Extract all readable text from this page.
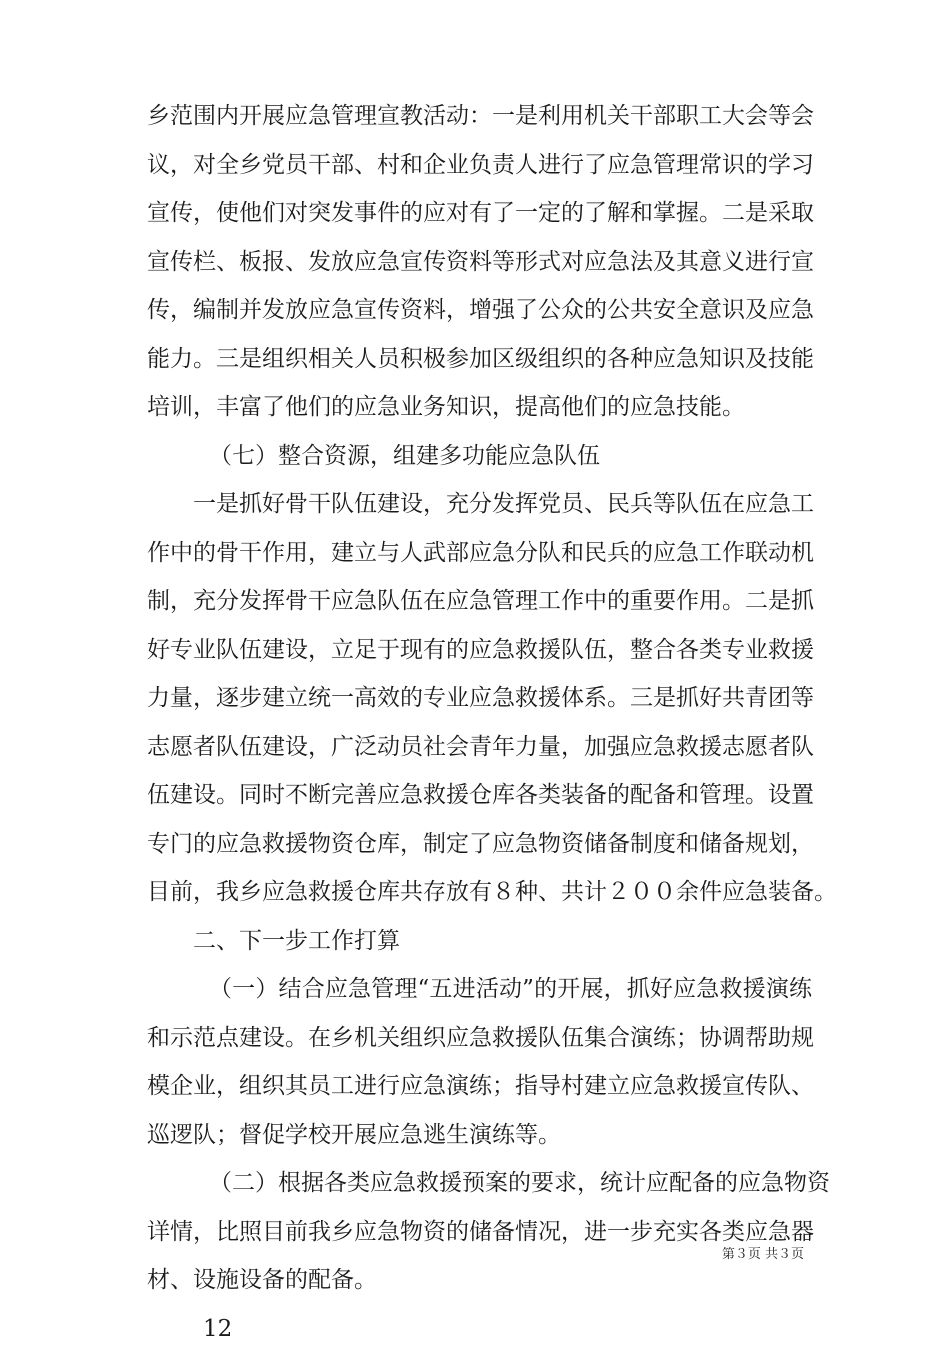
乡范围内开展应急管理宣教活动：一是利用机关干部职工大会等会
议，对全乡党员干部、村和企业负责人进行了应急管理常识的学习
宣传，使他们对突发事件的应对有了一定的了解和掌握。二是采取
宣传栏、板报、发放应急宣传资料等形式对应急法及其意义进行宣
传，编制并发放应急宣传资料，增强了公众的公共安全意识及应急
能力。三是组织相关人员积极参加区级组织的各种应急知识及技能
培训，丰富了他们的应急业务知识，提高他们的应急技能。
（七）整合资源，组建多功能应急队伍
一是抓好骨干队伍建设，充分发挥党员、民兵等队伍在应急工
作中的骨干作用，建立与人武部应急分队和民兵的应急工作联动机
制，充分发挥骨干应急队伍在应急管理工作中的重要作用。二是抓
好专业队伍建设，立足于现有的应急救援队伍，整合各类专业救援
力量，逐步建立统一高效的专业应急救援体系。三是抓好共青团等
志愿者队伍建设，广泛动员社会青年力量，加强应急救援志愿者队
伍建设。同时不断完善应急救援仓库各类装备的配备和管理。设置
专门的应急救援物资仓库，制定了应急物资储备制度和储备规划，
目前，我乡应急救援仓库共存放有８种、共计２００余件应急装备。
二、下一步工作打算
（一）结合应急管理“五进活动”的开展，抓好应急救援演练
和示范点建设。在乡机关组织应急救援队伍集合演练；协调帮助规
模企业，组织其员工进行应急演练；指导村建立应急救援宣传队、
巡逻队；督促学校开展应急逃生演练等。
（二）根据各类应急救援预案的要求，统计应配备的应急物资
详情，比照目前我乡应急物资的储备情况，进一步充实各类应急器
材、设施设备的配备。
12
第３页 共３页
